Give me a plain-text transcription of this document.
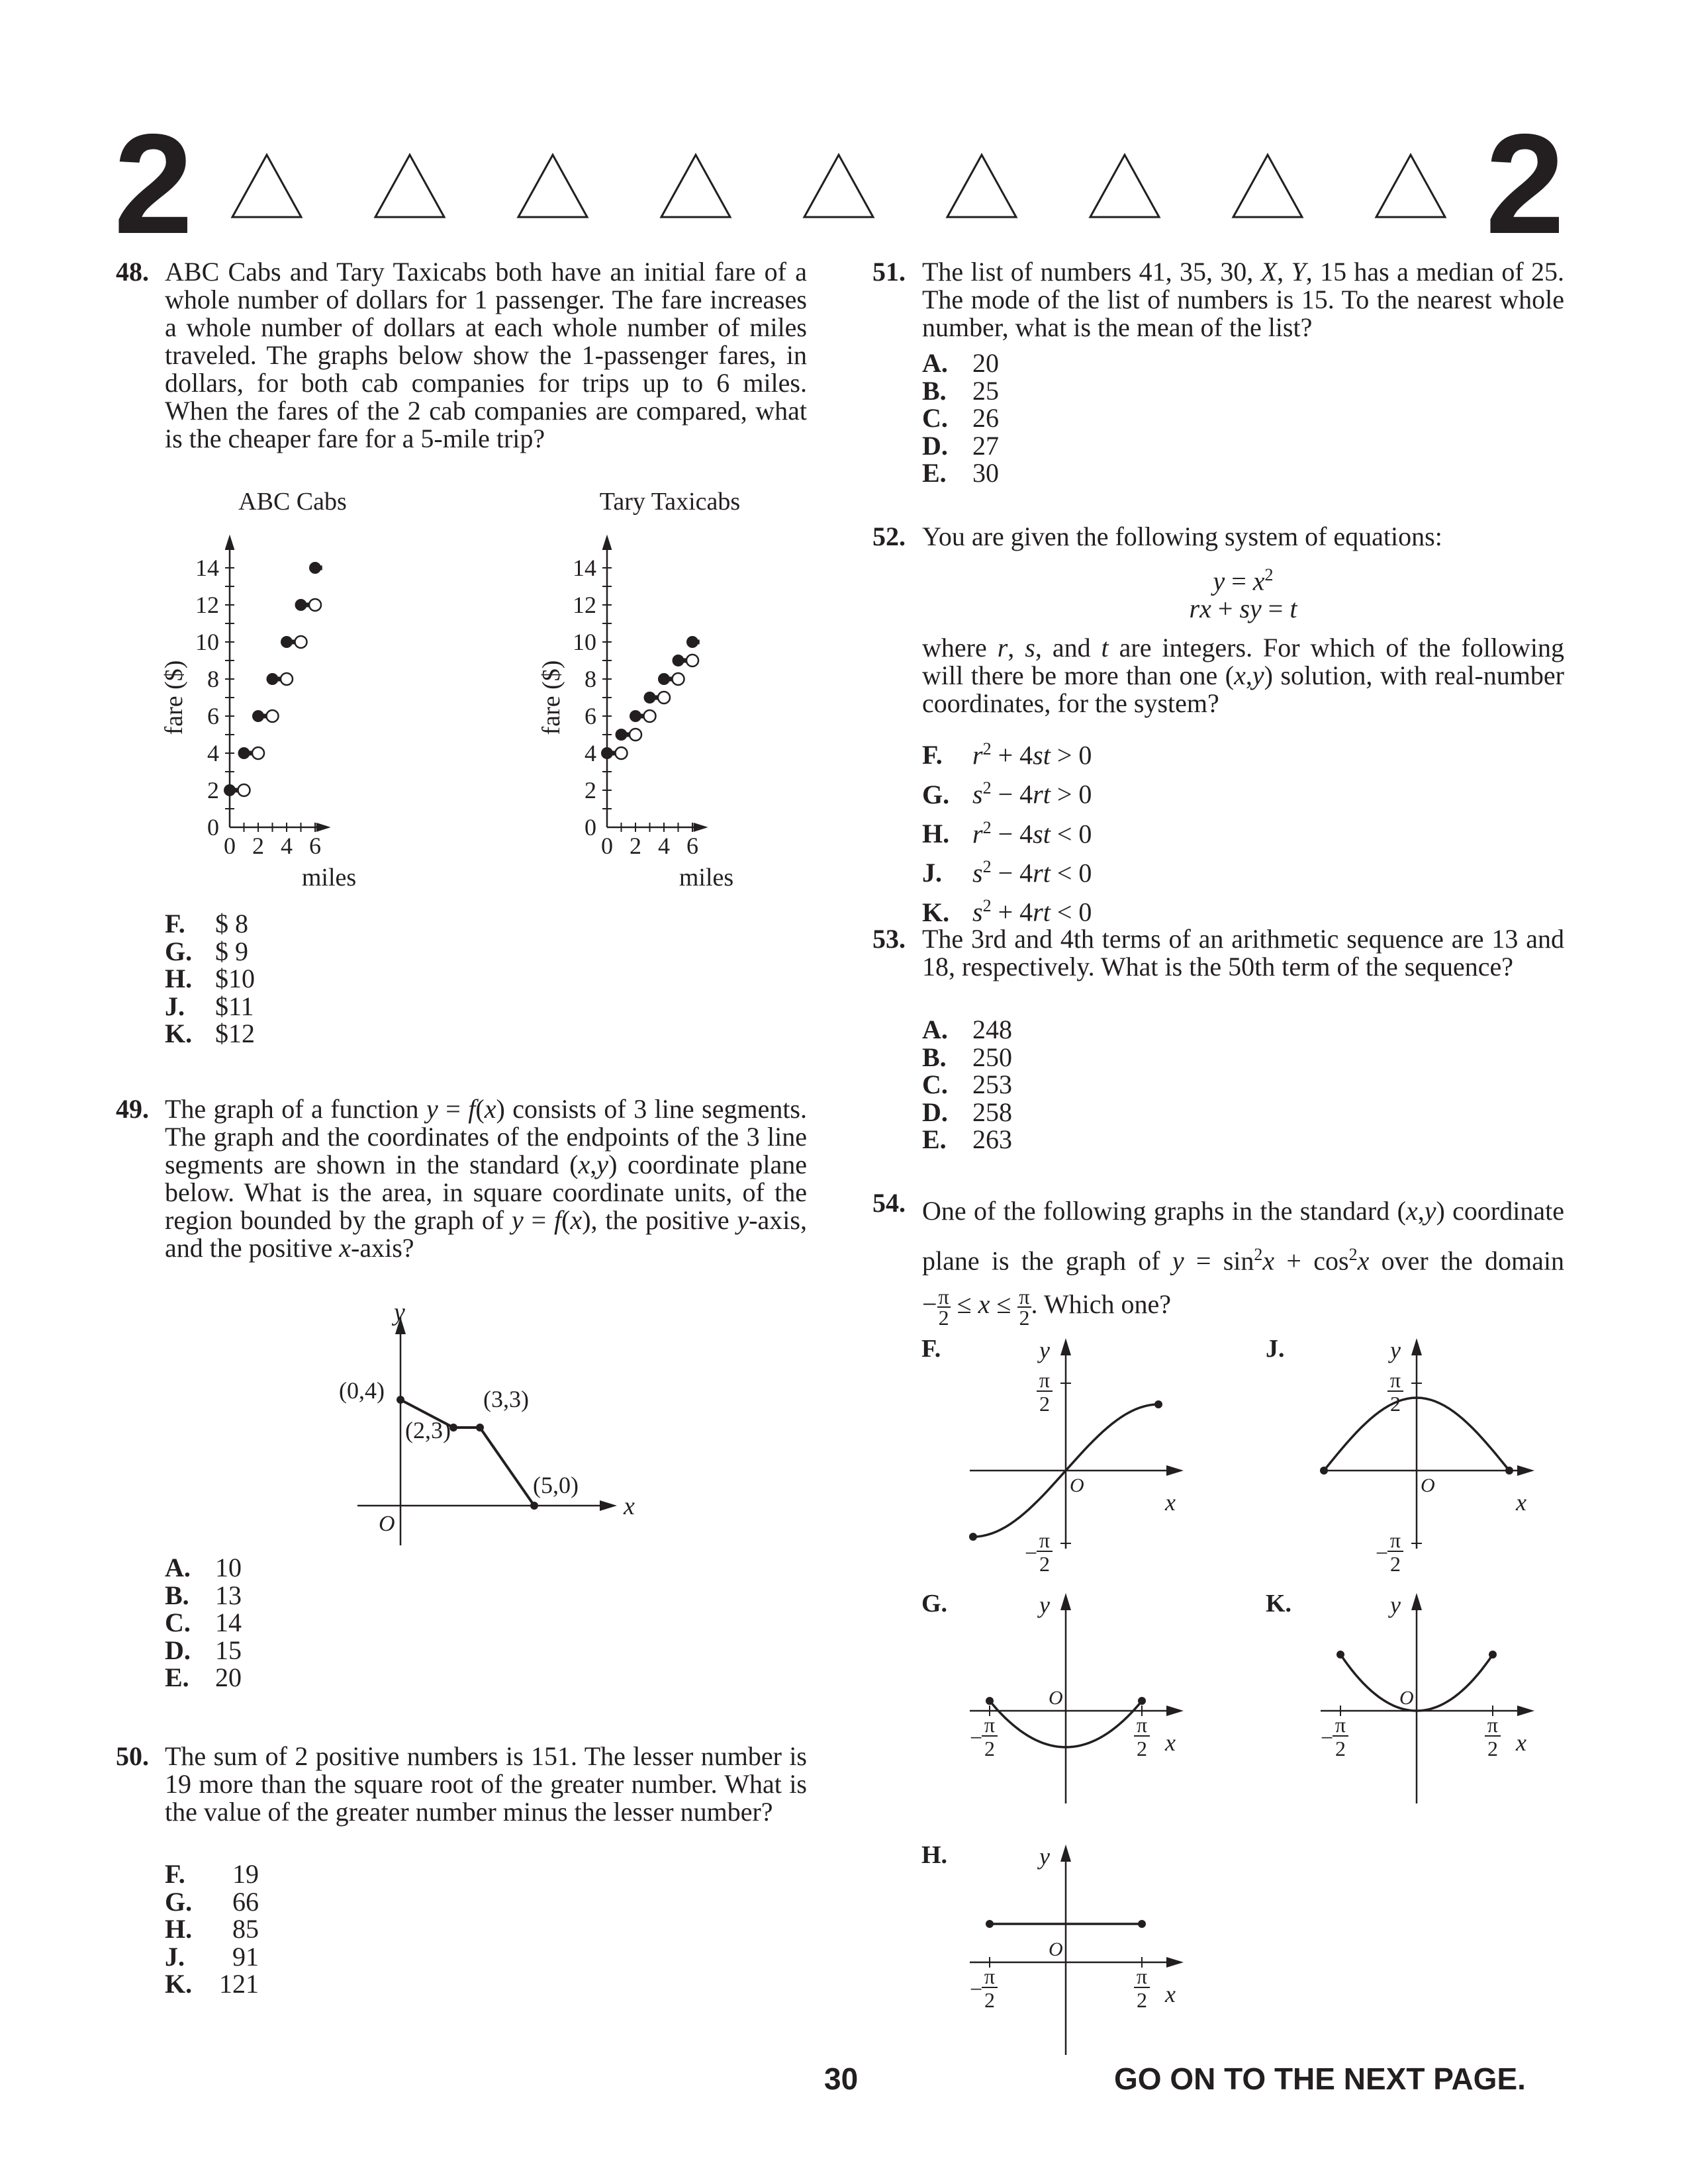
2	2
48. ABC Cabs and Tary Taxicabs both have an initial fare of a whole number of dollars for 1 passenger. The fare increases a whole number of dollars at each whole number of miles traveled. The graphs below show the 1-passenger fares, in dollars, for both cab companies for trips up to 6 miles. When the fares of the 2 cab companies are compared, what is the cheaper fare for a 5-mile trip?
ABC Cabs
0
2
4
6
8
10
12
14
0 2 4 6
miles
fare ($)
Tary Taxicabs
0
2
4
6
8
10
12
14
0 2 4 6
miles
fare ($)
F. $ 8
G. $ 9
H. $10
J. $11
K. $12
49. The graph of a function y = f(x) consists of 3 line segments. The graph and the coordinates of the endpoints of the 3 line segments are shown in the standard (x,y) coordinate plane below. What is the area, in square coordinate units, of the region bounded by the graph of y = f(x), the positive y-axis, and the positive x-axis?
y
x
O
(0,4)
(2,3)
(3,3)
(5,0)
A. 10
B. 13
C. 14
D. 15
E. 20
50. The sum of 2 positive numbers is 151. The lesser number is 19 more than the square root of the greater number. What is the value of the greater number minus the lesser number?
F. 19
G. 66
H. 85
J. 91
K. 121
51. The list of numbers 41, 35, 30, X, Y, 15 has a median of 25. The mode of the list of numbers is 15. To the nearest whole number, what is the mean of the list?
A. 20
B. 25
C. 26
D. 27
E. 30
52. You are given the following system of equations:
$y = x^2$
rx + sy = t
where r, s, and t are integers. For which of the following will there be more than one (x,y) solution, with real-number coordinates, for the system?
F. $r^2 + 4st > 0$
G. $s^2 - 4rt > 0$
H. $r^2 - 4st < 0$
J. $s^2 - 4rt < 0$
K. $s^2 + 4rt < 0$
53. The 3rd and 4th terms of an arithmetic sequence are 13 and 18, respectively. What is the 50th term of the sequence?
A. 248
B. 250
C. 253
D. 258
E. 263
54. One of the following graphs in the standard (x,y) coordinate plane is the graph of $y = \sin^2x + \cos^2x$ over the domain − $\frac{\pi}{2} \le x \le \frac{\pi}{2}$ . Which one?
F.	y
x
O
π
2
−
π
2
J.	y
x
O
π
2
−
π
2
G.	y
x
O
−
π
2
π
2
K.	y
x
O
−
π
2
π
2
H.	y
x
O
−
π
2
π
2
30	GO ON TO THE NEXT PAGE.
